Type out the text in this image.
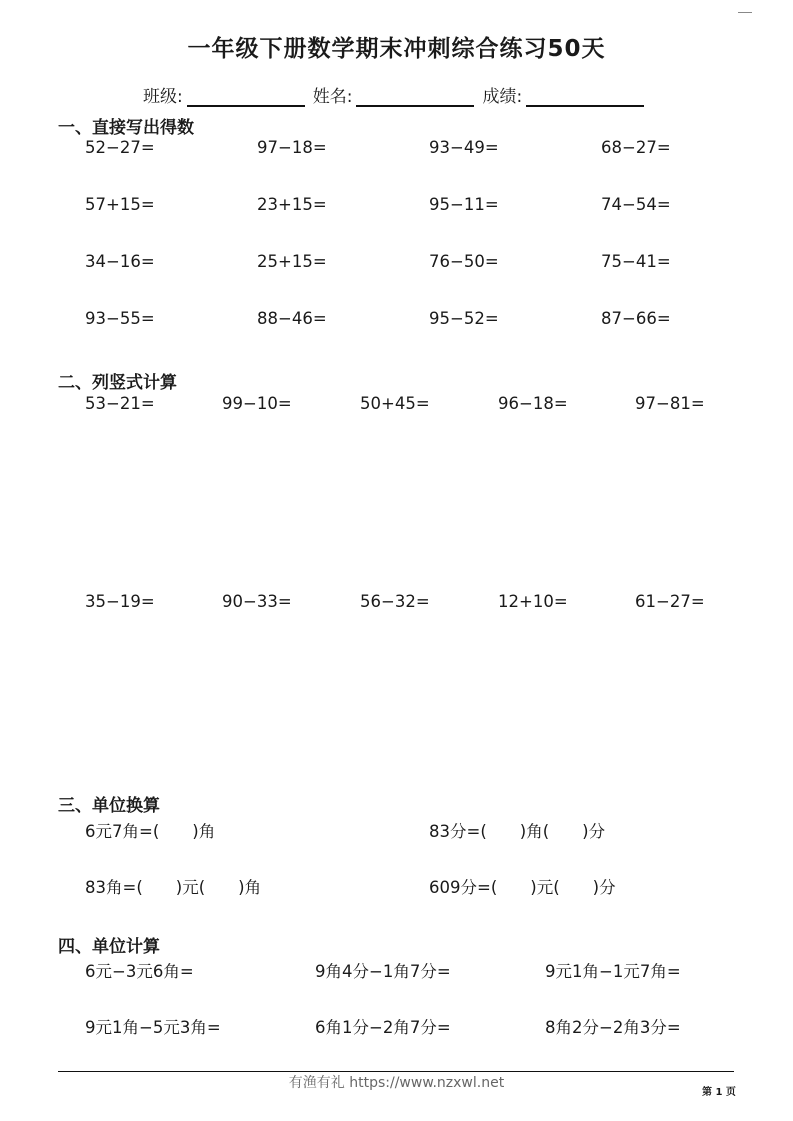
一年级下册数学期末冲刺综合练习50天
班级:	姓名:	成绩:
一、直接写出得数
52−27=	97−18=	93−49=	68−27=
57+15=	23+15=	95−11=	74−54=
34−16=	25+15=	76−50=	75−41=
93−55=	88−46=	95−52=	87−66=
二、列竖式计算
53−21=	99−10=	50+45=	96−18=	97−81=
35−19=	90−33=	56−32=	12+10=	61−27=
三、单位换算
6元7角=(　　)角	83分=(　　)角(　　)分
83角=(　　)元(　　)角	609分=(　　)元(　　)分
四、单位计算
6元−3元6角=	9角4分−1角7分=	9元1角−1元7角=
9元1角−5元3角=	6角1分−2角7分=	8角2分−2角3分=
有渔有礼 https://www.nzxwl.net
第 1 页
